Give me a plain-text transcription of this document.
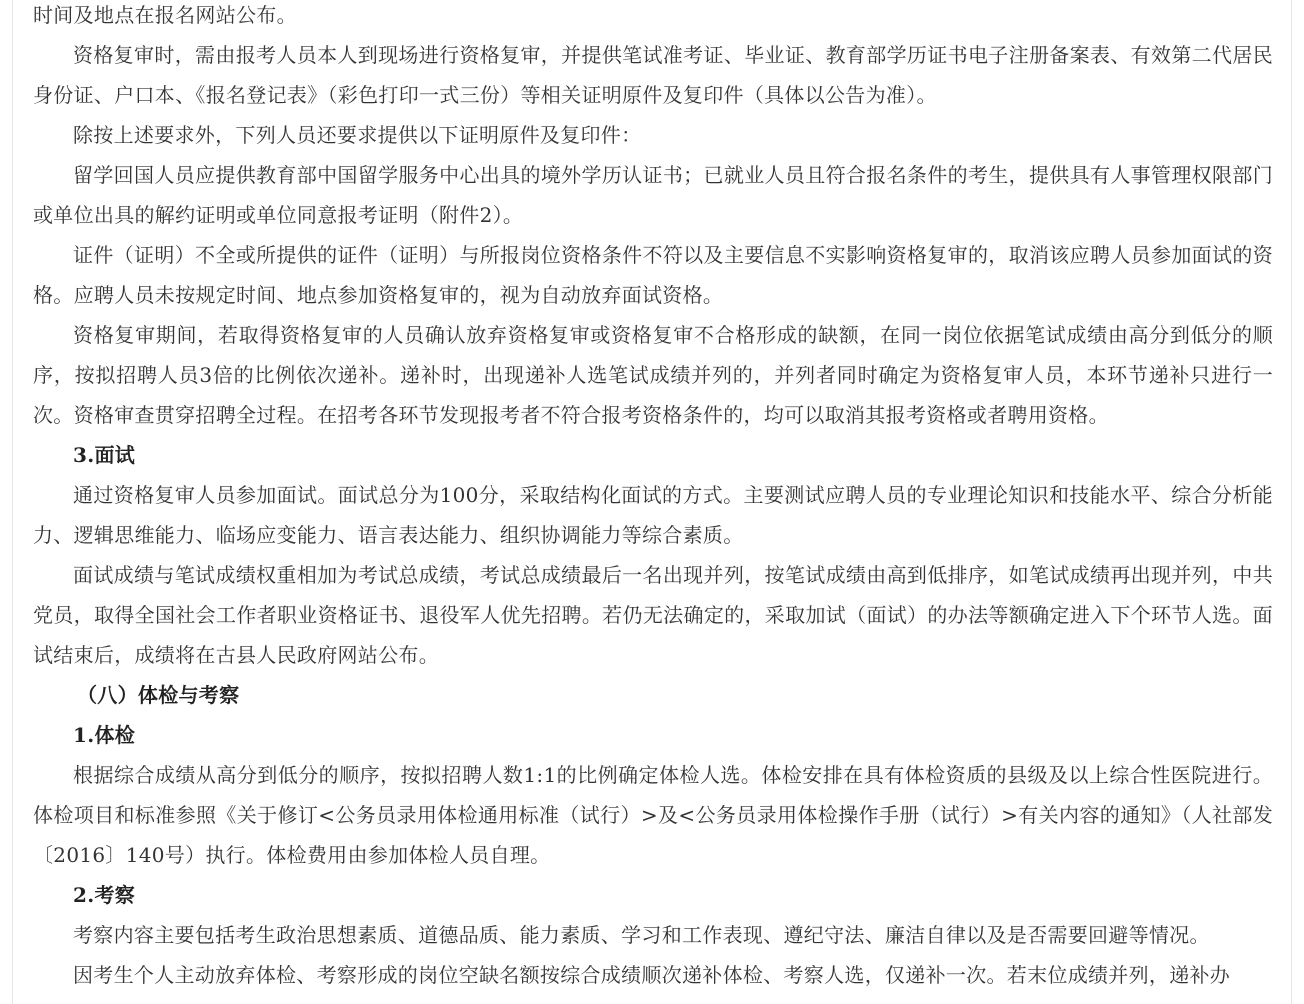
时间及地点在报名网站公布。

资格复审时，需由报考人员本人到现场进行资格复审，并提供笔试准考证、毕业证、教育部学历证书电子注册备案表、有效第二代居民身份证、户口本、《报名登记表》（彩色打印一式三份）等相关证明原件及复印件（具体以公告为准）。

除按上述要求外，下列人员还要求提供以下证明原件及复印件：

留学回国人员应提供教育部中国留学服务中心出具的境外学历认证书；已就业人员且符合报名条件的考生，提供具有人事管理权限部门或单位出具的解约证明或单位同意报考证明（附件2）。

证件（证明）不全或所提供的证件（证明）与所报岗位资格条件不符以及主要信息不实影响资格复审的，取消该应聘人员参加面试的资格。应聘人员未按规定时间、地点参加资格复审的，视为自动放弃面试资格。

资格复审期间，若取得资格复审的人员确认放弃资格复审或资格复审不合格形成的缺额，在同一岗位依据笔试成绩由高分到低分的顺序，按拟招聘人员3倍的比例依次递补。递补时，出现递补人选笔试成绩并列的，并列者同时确定为资格复审人员，本环节递补只进行一次。资格审查贯穿招聘全过程。在招考各环节发现报考者不符合报考资格条件的，均可以取消其报考资格或者聘用资格。

3.面试

通过资格复审人员参加面试。面试总分为100分，采取结构化面试的方式。主要测试应聘人员的专业理论知识和技能水平、综合分析能力、逻辑思维能力、临场应变能力、语言表达能力、组织协调能力等综合素质。

面试成绩与笔试成绩权重相加为考试总成绩，考试总成绩最后一名出现并列，按笔试成绩由高到低排序，如笔试成绩再出现并列，中共党员，取得全国社会工作者职业资格证书、退役军人优先招聘。若仍无法确定的，采取加试（面试）的办法等额确定进入下个环节人选。面试结束后，成绩将在古县人民政府网站公布。

（八）体检与考察

1.体检

根据综合成绩从高分到低分的顺序，按拟招聘人数1:1的比例确定体检人选。体检安排在具有体检资质的县级及以上综合性医院进行。体检项目和标准参照《关于修订<公务员录用体检通用标准（试行）>及<公务员录用体检操作手册（试行）>有关内容的通知》（人社部发〔2016〕140号）执行。体检费用由参加体检人员自理。

2.考察

考察内容主要包括考生政治思想素质、道德品质、能力素质、学习和工作表现、遵纪守法、廉洁自律以及是否需要回避等情况。

因考生个人主动放弃体检、考察形成的岗位空缺名额按综合成绩顺次递补体检、考察人选，仅递补一次。若末位成绩并列，递补办
